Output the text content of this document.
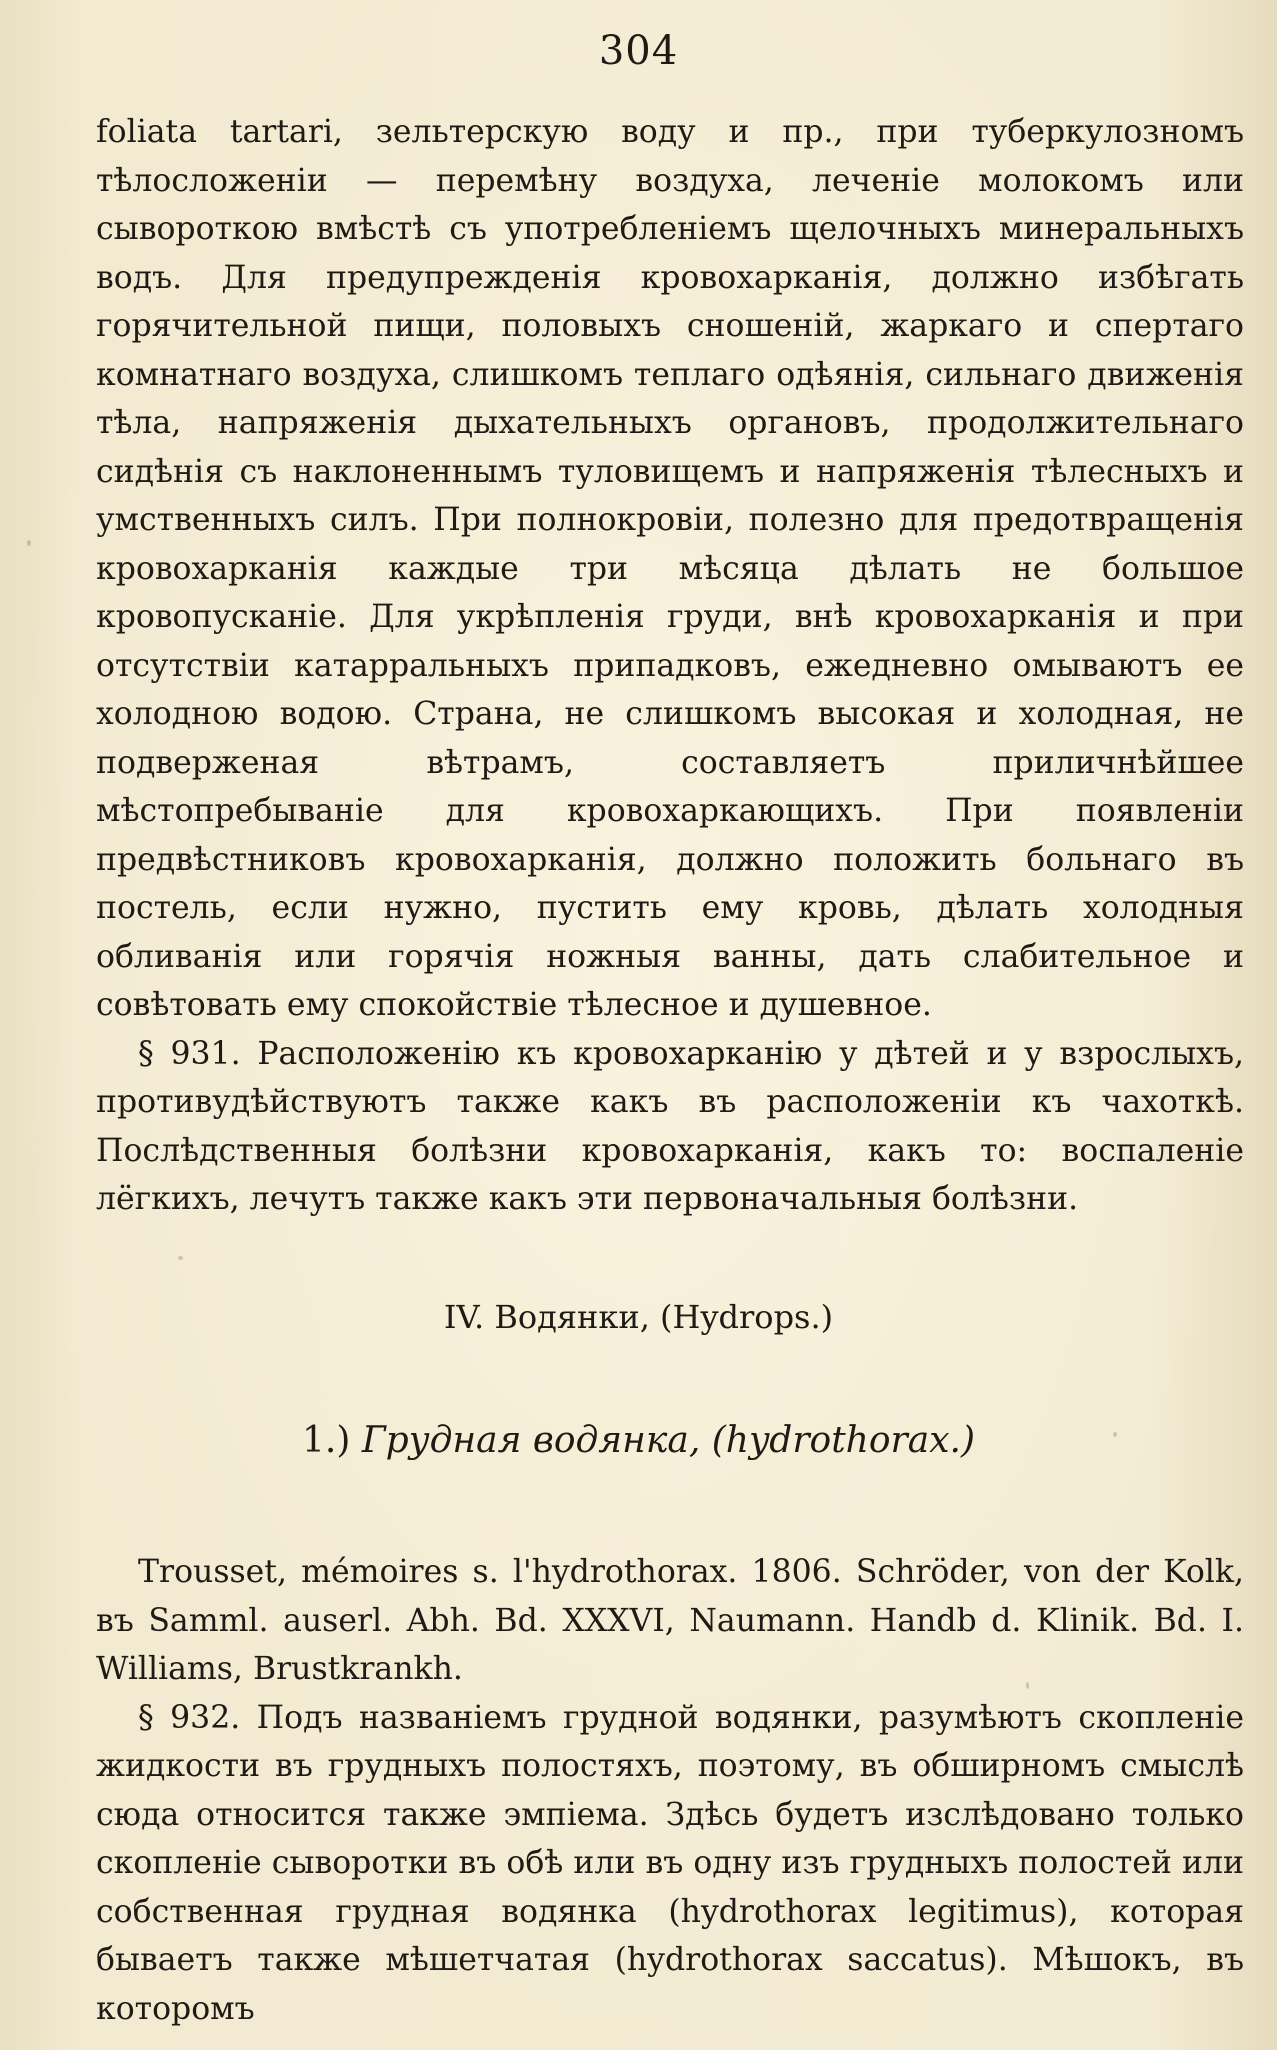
304

foliata tartari, зельтерскую воду и пр., при туберкулозномъ тѣлосложеніи — перемѣну воздуха, леченіе молокомъ или сывороткою вмѣстѣ съ употребленіемъ щелочныхъ минеральныхъ водъ. Для предупрежденія кровохарканія, должно избѣгать горячительной пищи, половыхъ сношеній, жаркаго и спертаго комнатнаго воздуха, слишкомъ теплаго одѣянія, сильнаго движенія тѣла, напряженія дыхательныхъ органовъ, продолжительнаго сидѣнія съ наклоненнымъ туловищемъ и напряженія тѣлесныхъ и умственныхъ силъ. При полнокровіи, полезно для предотвращенія кровохарканія каждые три мѣсяца дѣлать не большое кровопусканіе. Для укрѣпленія груди, внѣ кровохарканія и при отсутствіи катарральныхъ припадковъ, ежедневно омываютъ ее холодною водою. Страна, не слишкомъ высокая и холодная, не подверженая вѣтрамъ, составляетъ приличнѣйшее мѣстопребываніе для кровохаркающихъ. При появленіи предвѣстниковъ кровохарканія, должно положить больнаго въ постель, если нужно, пустить ему кровь, дѣлать холодныя обливанія или горячія ножныя ванны, дать слабительное и совѣтовать ему спокойствіе тѣлесное и душевное.

§ 931. Расположенію къ кровохарканію у дѣтей и у взрослыхъ, противудѣйствуютъ также какъ въ расположеніи къ чахоткѣ. Послѣдственныя болѣзни кровохарканія, какъ то: воспаленіе лёгкихъ, лечутъ также какъ эти первоначальныя болѣзни.

IV. Водянки, (Hydrops.)
1.) Грудная водянка, (hydrothorax.)

Trousset, mémoires s. l'hydrothorax. 1806. Schröder, von der Kolk, въ Samml. auserl. Abh. Bd. XXXVI, Naumann. Handb d. Klinik. Bd. I. Williams, Brustkrankh.

§ 932. Подъ названіемъ грудной водянки, разумѣютъ скопленіе жидкости въ грудныхъ полостяхъ, поэтому, въ обширномъ смыслѣ сюда относится также эмпіема. Здѣсь будетъ изслѣдовано только скопленіе сыворотки въ обѣ или въ одну изъ грудныхъ полостей или собственная грудная водянка (hydrothorax legitimus), которая бываетъ также мѣшетчатая (hydrothorax saccatus). Мѣшокъ, въ которомъ
